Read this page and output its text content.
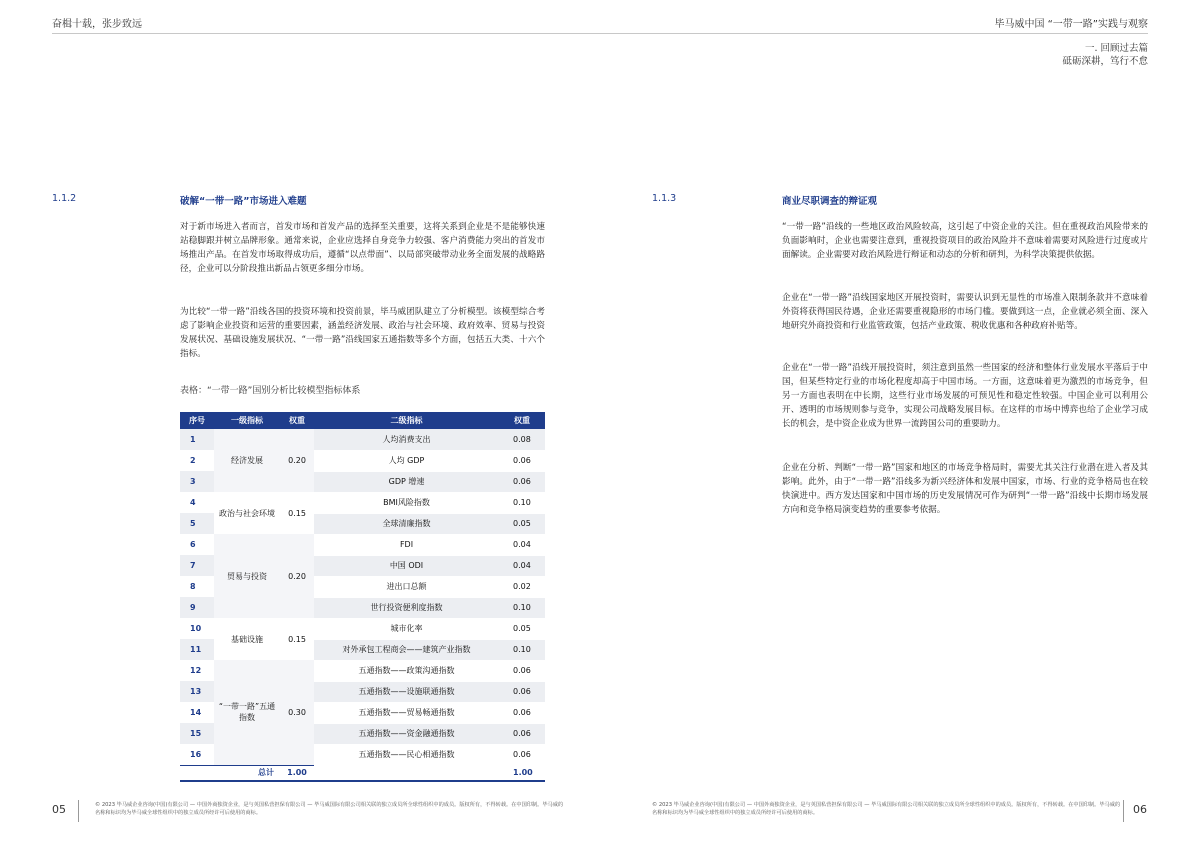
奋楫十载，张步致远	毕马威中国 “一带一路”实践与观察
一. 回顾过去篇
砥砺深耕，笃行不怠
1.1.2	破解“一带一路”市场进入难题
对于新市场进入者而言，首发市场和首发产品的选择至关重要，这将关系到企业是不是能够快速站稳脚跟并树立品牌形象。通常来说，企业应选择自身竞争力较强、客户消费能力突出的首发市场推出产品。在首发市场取得成功后，遵循“以点带面”、以局部突破带动业务全面发展的战略路径，企业可以分阶段推出新品占领更多细分市场。
为比较“一带一路”沿线各国的投资环境和投资前景，毕马威团队建立了分析模型。该模型综合考虑了影响企业投资和运营的重要因素，涵盖经济发展、政治与社会环境、政府效率、贸易与投资发展状况、基础设施发展状况、“一带一路”沿线国家五通指数等多个方面，包括五大类、十六个指标。
表格：“一带一路”国别分析比较模型指标体系
序号	一级指标	权重	二级指标	权重
1	经济发展	0.20	人均消费支出	0.08
2			人均 GDP	0.06
3			GDP 增速	0.06
4	政治与社会环境	0.15	BMI风险指数	0.10
5			全球清廉指数	0.05
6	贸易与投资	0.20	FDI	0.04
7			中国 ODI	0.04
8			进出口总额	0.02
9			世行投资便利度指数	0.10
10	基础设施	0.15	城市化率	0.05
11			对外承包工程商会——建筑产业指数	0.10
12	“一带一路”五通指数	0.30	五通指数——政策沟通指数	0.06
13			五通指数——设施联通指数	0.06
14			五通指数——贸易畅通指数	0.06
15			五通指数——资金融通指数	0.06
16			五通指数——民心相通指数	0.06
总计		1.00		1.00
1.1.3	商业尽职调查的辩证观
“一带一路”沿线的一些地区政治风险较高，这引起了中资企业的关注。但在重视政治风险带来的负面影响时，企业也需要注意到，重视投资项目的政治风险并不意味着需要对风险进行过度或片面解读。企业需要对政治风险进行辩证和动态的分析和研判，为科学决策提供依据。
企业在“一带一路”沿线国家地区开展投资时，需要认识到无显性的市场准入限制条款并不意味着外资将获得国民待遇，企业还需要重视隐形的市场门槛。要做到这一点，企业就必须全面、深入地研究外商投资和行业监管政策，包括产业政策、税收优惠和各种政府补贴等。
企业在“一带一路”沿线开展投资时，须注意到虽然一些国家的经济和整体行业发展水平落后于中国，但某些特定行业的市场化程度却高于中国市场。一方面，这意味着更为激烈的市场竞争，但另一方面也表明在中长期，这些行业市场发展的可预见性和稳定性较强。中国企业可以利用公开、透明的市场规则参与竞争，实现公司战略发展目标。在这样的市场中博弈也给了企业学习成长的机会，是中资企业成为世界一流跨国公司的重要助力。
企业在分析、判断“一带一路”国家和地区的市场竞争格局时，需要尤其关注行业潜在进入者及其影响。此外，由于“一带一路”沿线多为新兴经济体和发展中国家，市场、行业的竞争格局也在较快演进中。西方发达国家和中国市场的历史发展情况可作为研判“一带一路”沿线中长期市场发展方向和竞争格局演变趋势的重要参考依据。
05	© 2023 毕马威企业咨询(中国)有限公司 — 中国外商独资企业，是与英国私营担保有限公司 — 毕马威国际有限公司相关联的独立成员所全球性组织中的成员。版权所有，不得转载。在中国印制。毕马威的名称和标识均为毕马威全球性组织中的独立成员所经许可后使用的商标。
© 2023 毕马威企业咨询(中国)有限公司 — 中国外商独资企业，是与英国私营担保有限公司 — 毕马威国际有限公司相关联的独立成员所全球性组织中的成员。版权所有，不得转载。在中国印制。毕马威的名称和标识均为毕马威全球性组织中的独立成员所经许可后使用的商标。	06
